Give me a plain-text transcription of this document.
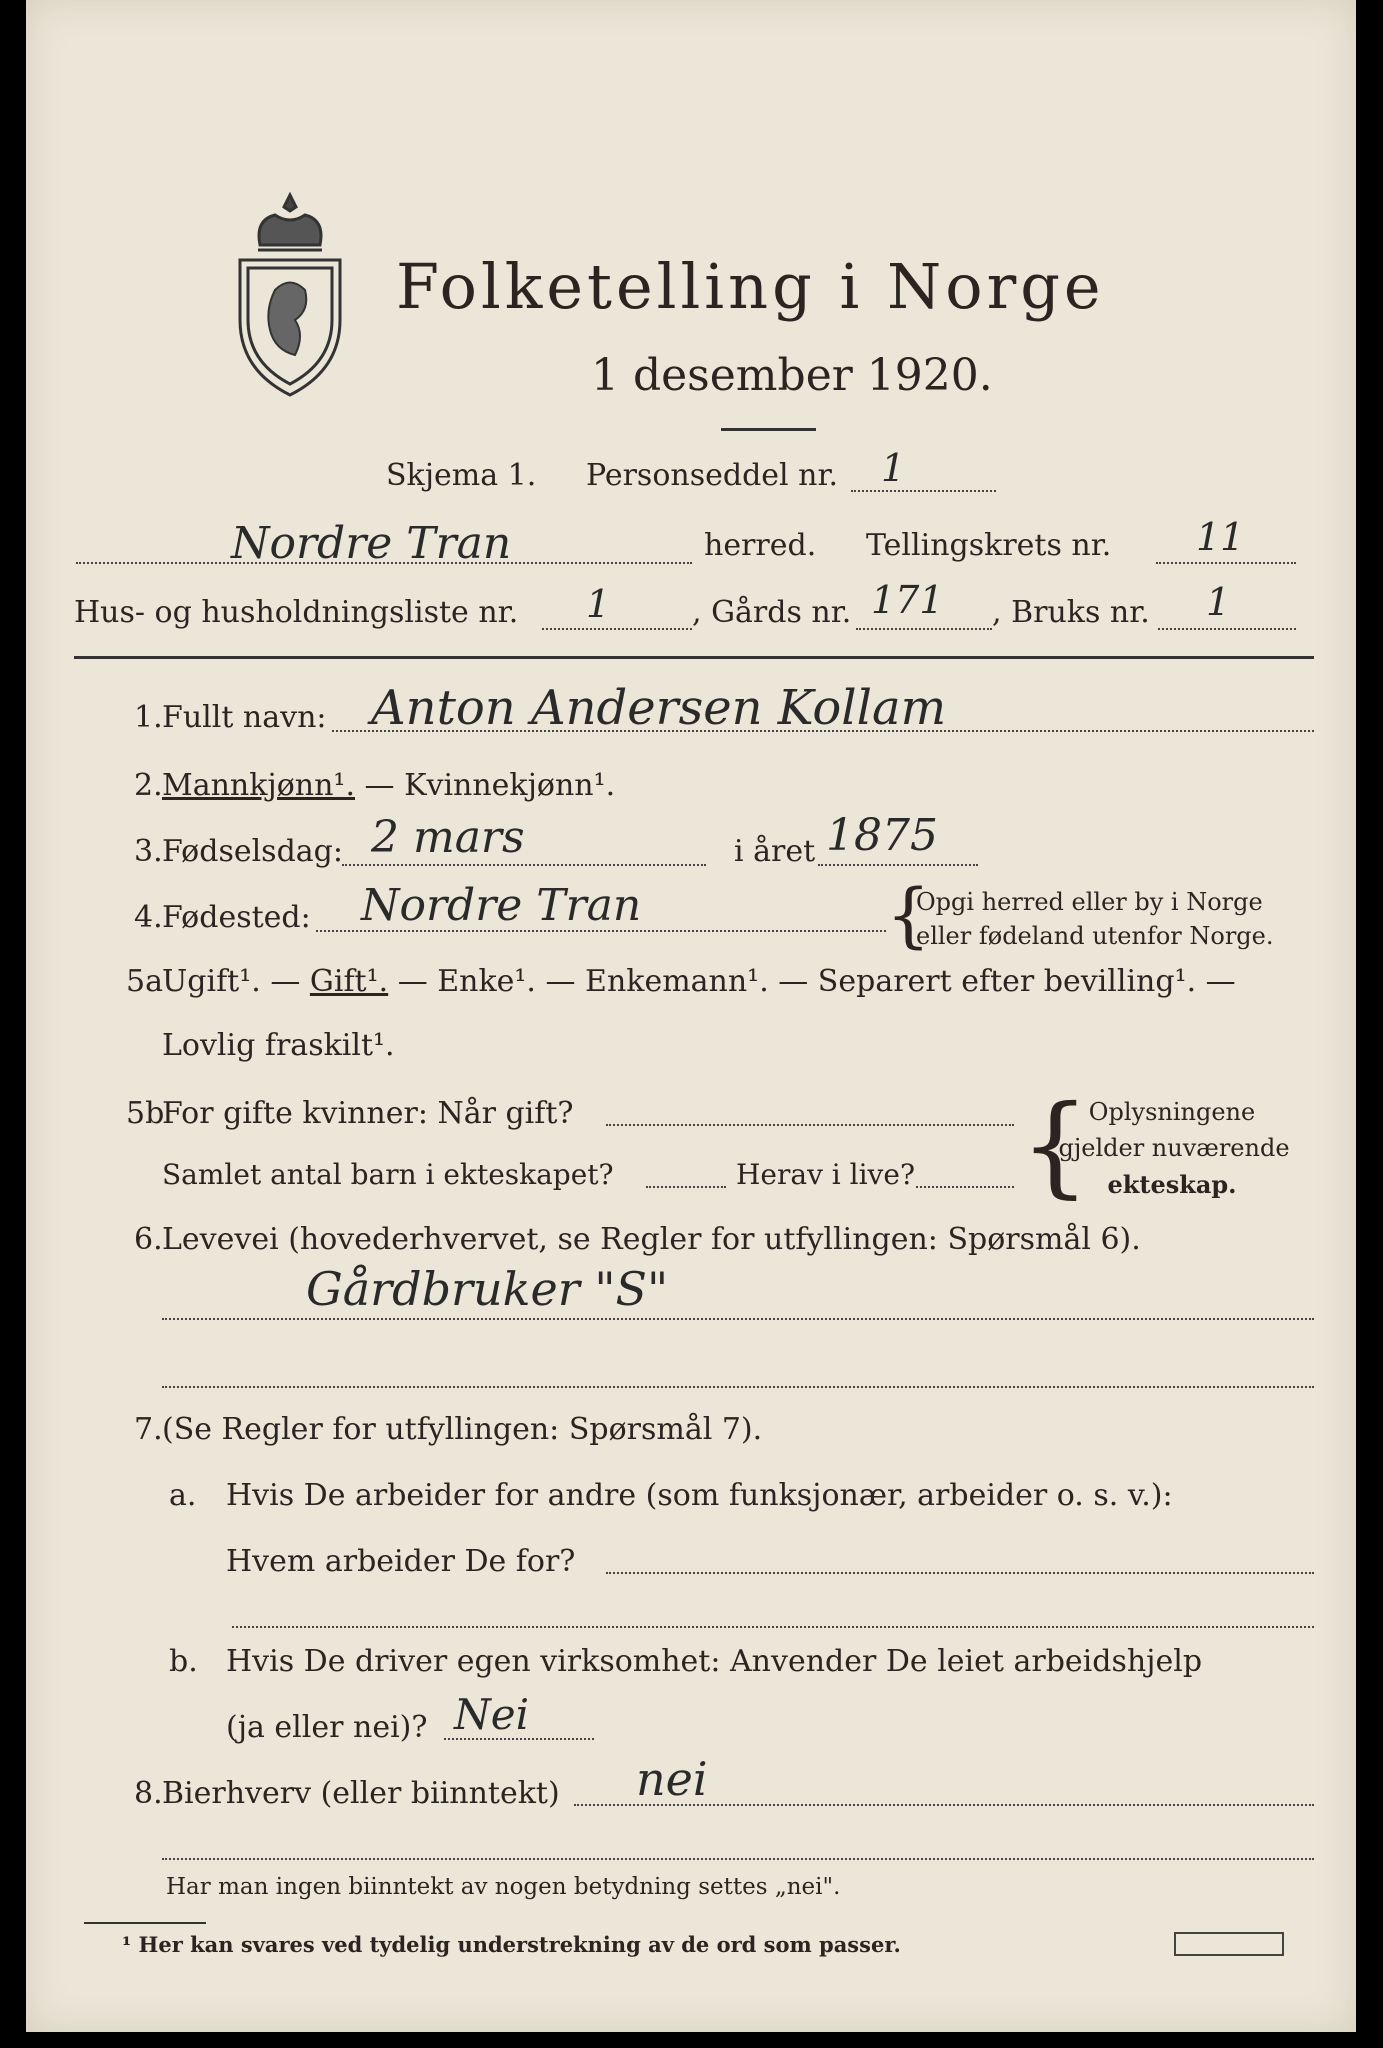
Folketelling i Norge
1 desember 1920.
Skjema 1. Personseddel nr. 1
Nordre Tran	herred. Tellingskrets nr. 11
Hus- og husholdningsliste nr. 1	, Gårds nr. 171 , Bruks nr. 1
1. Fullt navn: Anton Andersen Kollam
2. Mannkjønn¹. — Kvinnekjønn¹.
3. Fødselsdag: 2 mars	i året 1875
4. Fødested: Nordre Tran	{
Opgi herred eller by i Norge
eller fødeland utenfor Norge.
5a Ugift¹. — Gift¹. — Enke¹. — Enkemann¹. — Separert efter bevilling¹. —
Lovlig fraskilt¹.
5b
For gifte kvinner: Når gift?
Samlet antal barn i ekteskapet?	Herav i live? {
Oplysningene
gjelder nuværende
ekteskap.
6. Levevei (hovederhvervet, se Regler for utfyllingen: Spørsmål 6).
Gårdbruker "S"
7. (Se Regler for utfyllingen: Spørsmål 7).
a. Hvis De arbeider for andre (som funksjonær, arbeider o. s. v.):
Hvem arbeider De for?
b. Hvis De driver egen virksomhet: Anvender De leiet arbeidshjelp
(ja eller nei)? Nei
8. Bierhverv (eller biinntekt) nei
Har man ingen biinntekt av nogen betydning settes „nei".
¹ Her kan svares ved tydelig understrekning av de ord som passer.
